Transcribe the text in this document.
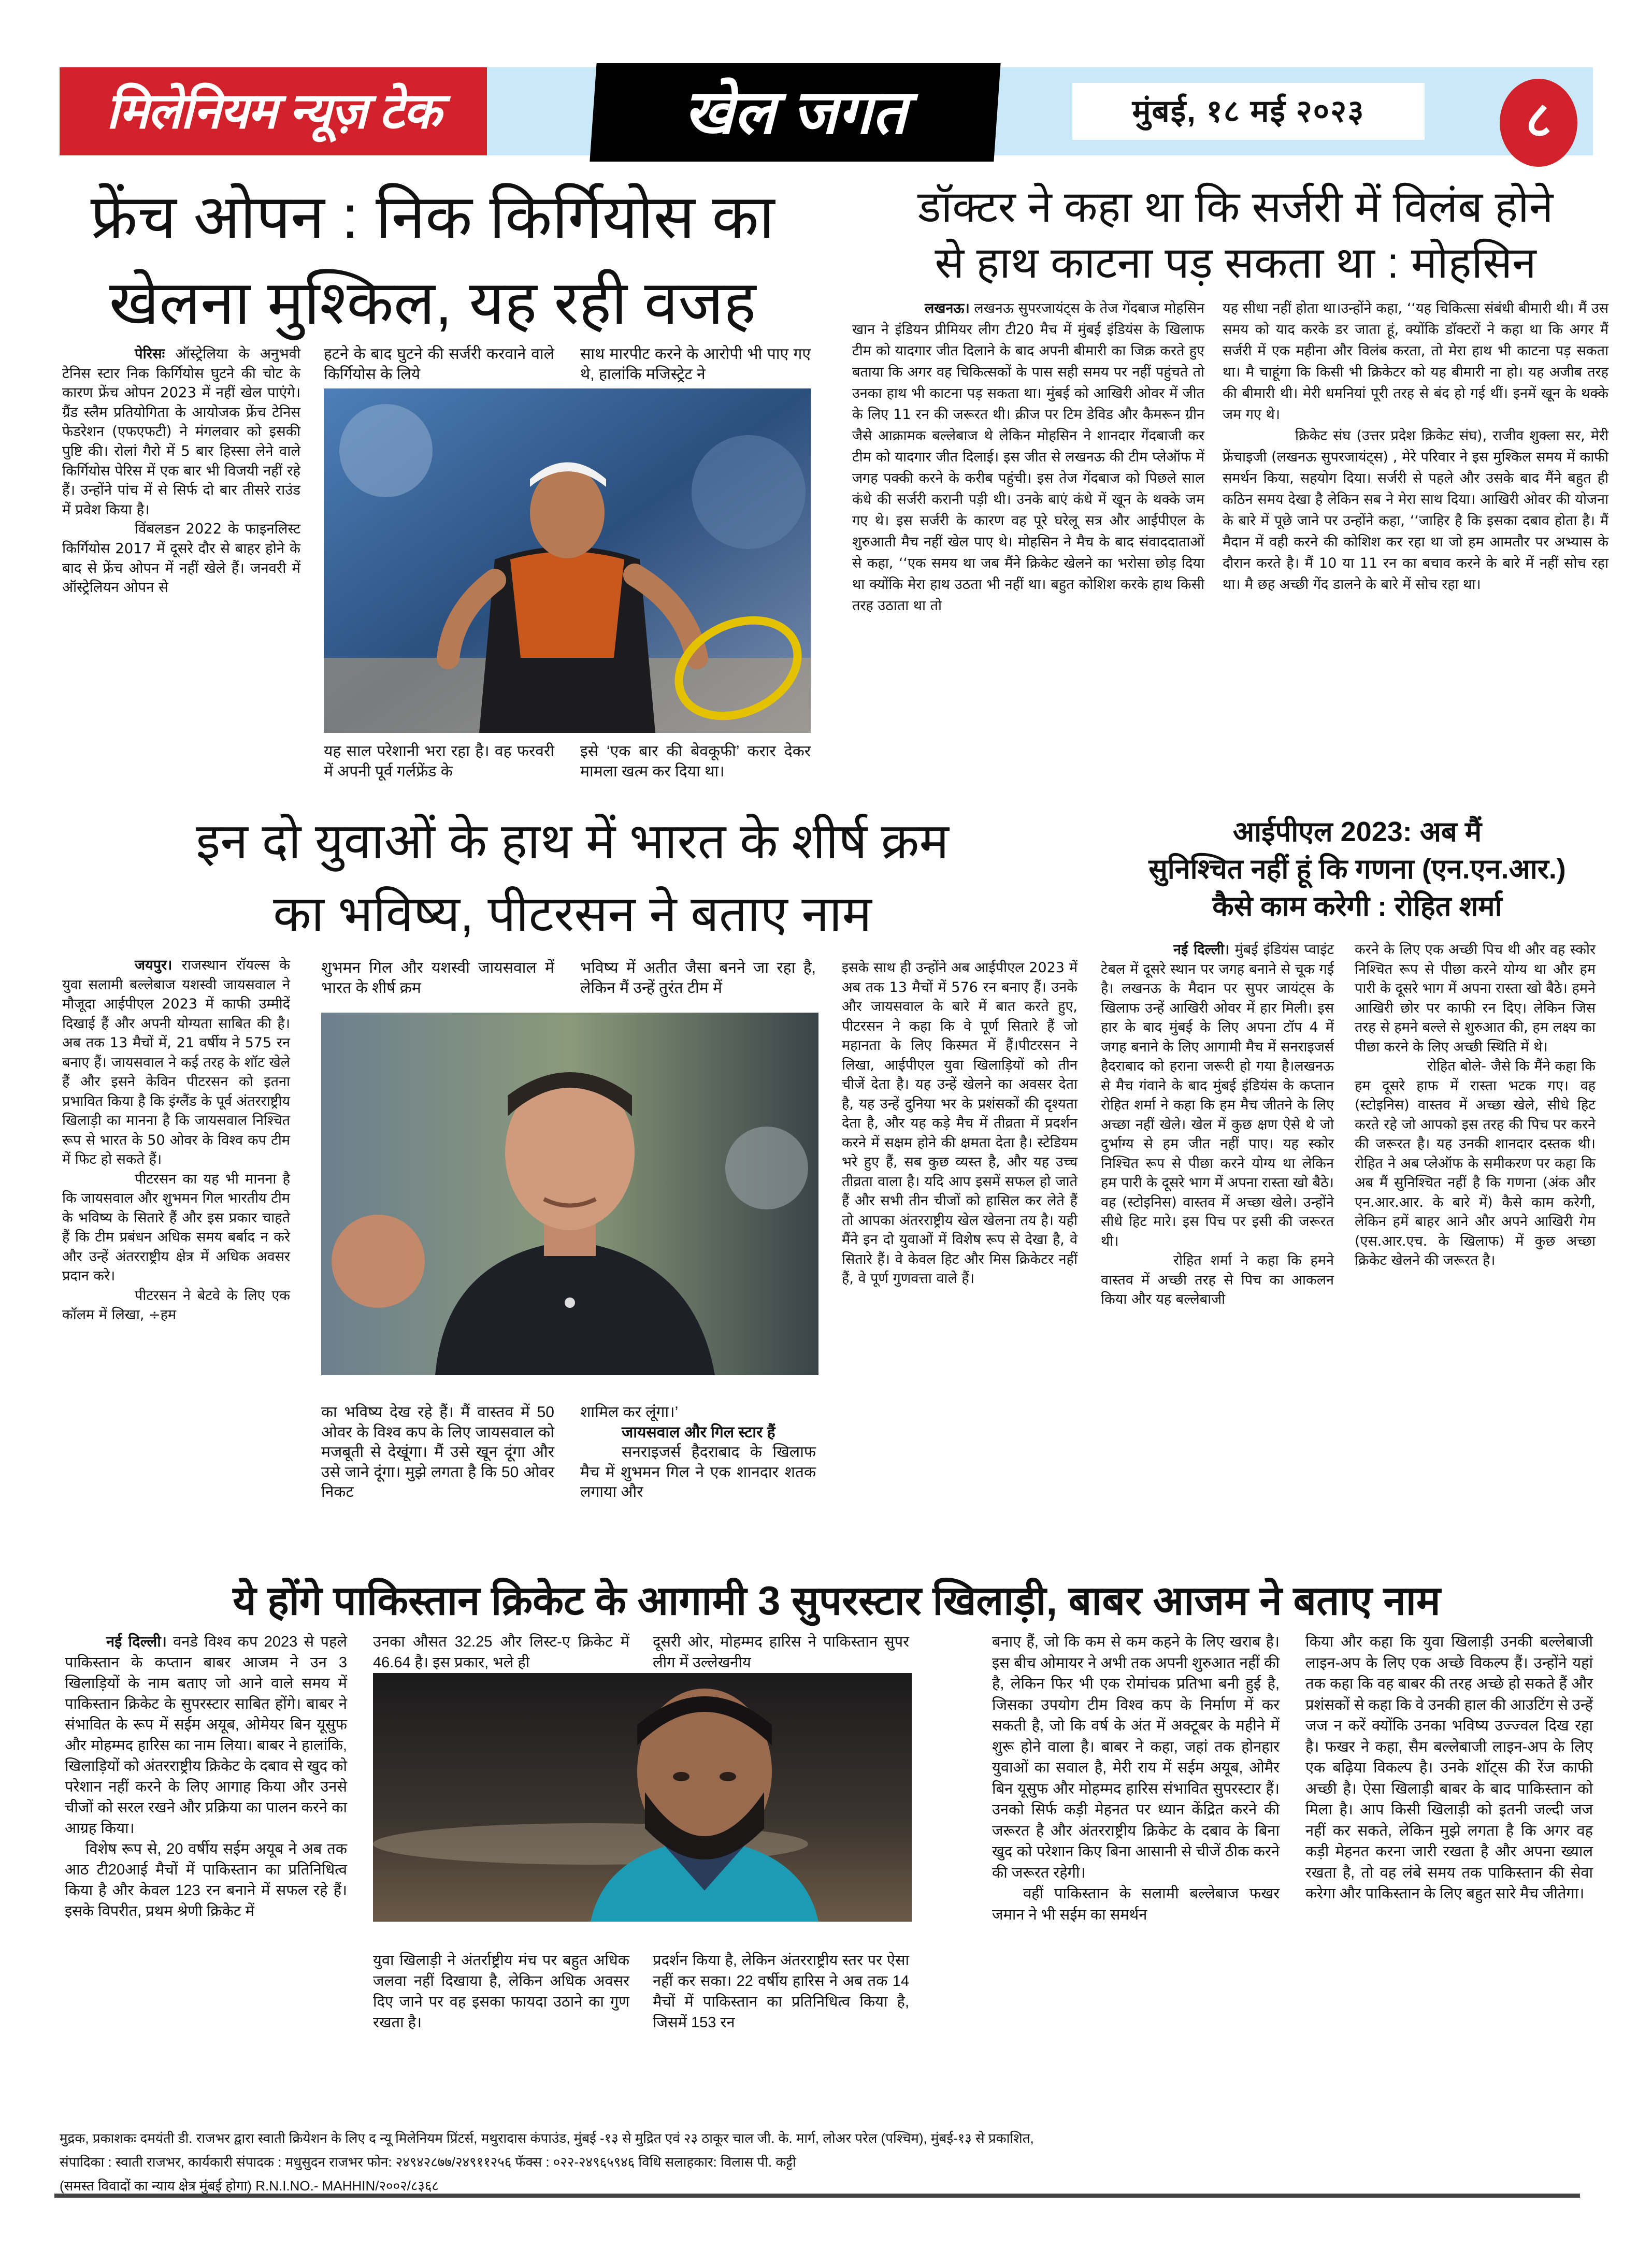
मिलेनियम न्यूज़ टेक	खेल जगत	मुंबई, १८ मई २०२३	८
फ्रेंच ओपन : निक किर्गियोस का
खेलना मुश्किल, यह रही वजह

पेरिसः ऑस्ट्रेलिया के अनुभवी टेनिस स्टार निक किर्गियोस घुटने की चोट के कारण फ्रेंच ओपन 2023 में नहीं खेल पाएंगे। ग्रैंड स्लैम प्रतियोगिता के आयोजक फ्रेंच टेनिस फेडरेशन (एफएफटी) ने मंगलवार को इसकी पुष्टि की। रोलां गैरो में 5 बार हिस्सा लेने वाले किर्गियोस पेरिस में एक बार भी विजयी नहीं रहे हैं। उन्होंने पांच में से सिर्फ दो बार तीसरे राउंड में प्रवेश किया है।

विंबलडन 2022 के फाइनलिस्ट किर्गियोस 2017 में दूसरे दौर से बाहर होने के बाद से फ्रेंच ओपन में नहीं खेले हैं। जनवरी में ऑस्ट्रेलियन ओपन से

हटने के बाद घुटने की सर्जरी करवाने वाले किर्गियोस के लिये
साथ मारपीट करने के आरोपी भी पाए गए थे, हालांकि मजिस्ट्रेट ने
यह साल परेशानी भरा रहा है। वह फरवरी में अपनी पूर्व गर्लफ्रेंड के
इसे ‘एक बार की बेवकूफी’ करार देकर मामला खत्म कर दिया था।
डॉक्टर ने कहा था कि सर्जरी में विलंब होने
से हाथ काटना पड़ सकता था : मोहसिन

लखनऊ। लखनऊ सुपरजायंट्स के तेज गेंदबाज मोहसिन खान ने इंडियन प्रीमियर लीग टी20 मैच में मुंबई इंडियंस के खिलाफ टीम को यादगार जीत दिलाने के बाद अपनी बीमारी का जिक्र करते हुए बताया कि अगर वह चिकित्सकों के पास सही समय पर नहीं पहुंचते तो उनका हाथ भी काटना पड़ सकता था। मुंबई को आखिरी ओवर में जीत के लिए 11 रन की जरूरत थी। क्रीज पर टिम डेविड और कैमरून ग्रीन जैसे आक्रामक बल्लेबाज थे लेकिन मोहसिन ने शानदार गेंदबाजी कर टीम को यादगार जीत दिलाई। इस जीत से लखनऊ की टीम प्लेऑफ में जगह पक्की करने के करीब पहुंची। इस तेज गेंदबाज को पिछले साल कंधे की सर्जरी करानी पड़ी थी। उनके बाएं कंधे में खून के थक्के जम गए थे। इस सर्जरी के कारण वह पूरे घरेलू सत्र और आईपीएल के शुरुआती मैच नहीं खेल पाए थे। मोहसिन ने मैच के बाद संवाददाताओं से कहा, ‘‘एक समय था जब मैंने क्रिकेट खेलने का भरोसा छोड़ दिया था क्योंकि मेरा हाथ उठता भी नहीं था। बहुत कोशिश करके हाथ किसी तरह उठाता था तो

यह सीधा नहीं होता था।उन्होंने कहा, ‘‘यह चिकित्सा संबंधी बीमारी थी। मैं उस समय को याद करके डर जाता हूं, क्योंकि डॉक्टरों ने कहा था कि अगर मैं सर्जरी में एक महीना और विलंब करता, तो मेरा हाथ भी काटना पड़ सकता था। मै चाहूंगा कि किसी भी क्रिकेटर को यह बीमारी ना हो। यह अजीब तरह की बीमारी थी। मेरी धमनियां पूरी तरह से बंद हो गई थीं। इनमें खून के थक्के जम गए थे।

क्रिकेट संघ (उत्तर प्रदेश क्रिकेट संघ), राजीव शुक्ला सर, मेरी फ्रेंचाइजी (लखनऊ सुपरजायंट्स) , मेरे परिवार ने इस मुश्किल समय में काफी समर्थन किया, सहयोग दिया। सर्जरी से पहले और उसके बाद मैंने बहुत ही कठिन समय देखा है लेकिन सब ने मेरा साथ दिया। आखिरी ओवर की योजना के बारे में पूछे जाने पर उन्होंने कहा, ‘‘जाहिर है कि इसका दबाव होता है। मैं मैदान में वही करने की कोशिश कर रहा था जो हम आमतौर पर अभ्यास के दौरान करते है। मैं 10 या 11 रन का बचाव करने के बारे में नहीं सोच रहा था। मै छह अच्छी गेंद डालने के बारे में सोच रहा था।

इन दो युवाओं के हाथ में भारत के शीर्ष क्रम
का भविष्य, पीटरसन ने बताए नाम

जयपुर। राजस्थान रॉयल्स के युवा सलामी बल्लेबाज यशस्वी जायसवाल ने मौजूदा आईपीएल 2023 में काफी उम्मीदें दिखाई हैं और अपनी योग्यता साबित की है। अब तक 13 मैचों में, 21 वर्षीय ने 575 रन बनाए हैं। जायसवाल ने कई तरह के शॉट खेले हैं और इसने केविन पीटरसन को इतना प्रभावित किया है कि इंग्लैंड के पूर्व अंतरराष्ट्रीय खिलाड़ी का मानना है कि जायसवाल निश्चित रूप से भारत के 50 ओवर के विश्व कप टीम में फिट हो सकते हैं।

पीटरसन का यह भी मानना है कि जायसवाल और शुभमन गिल भारतीय टीम के भविष्य के सितारे हैं और इस प्रकार चाहते हैं कि टीम प्रबंधन अधिक समय बर्बाद न करे और उन्हें अंतरराष्ट्रीय क्षेत्र में अधिक अवसर प्रदान करे।

पीटरसन ने बेटवे के लिए एक कॉलम में लिखा, ÷हम

शुभमन गिल और यशस्वी जायसवाल में भारत के शीर्ष क्रम
भविष्य में अतीत जैसा बनने जा रहा है, लेकिन मैं उन्हें तुरंत टीम में
का भविष्य देख रहे हैं। मैं वास्तव में 50 ओवर के विश्व कप के लिए जायसवाल को मजबूती से देखूंगा। मैं उसे खून दूंगा और उसे जाने दूंगा। मुझे लगता है कि 50 ओवर निकट

शामिल कर लूंगा।’

जायसवाल और गिल स्टार हैं

सनराइजर्स हैदराबाद के खिलाफ मैच में शुभमन गिल ने एक शानदार शतक लगाया और

इसके साथ ही उन्होंने अब आईपीएल 2023 में अब तक 13 मैचों में 576 रन बनाए हैं। उनके और जायसवाल के बारे में बात करते हुए, पीटरसन ने कहा कि वे पूर्ण सितारे हैं जो महानता के लिए किस्मत में हैं।पीटरसन ने लिखा, आईपीएल युवा खिलाड़ियों को तीन चीजें देता है। यह उन्हें खेलने का अवसर देता है, यह उन्हें दुनिया भर के प्रशंसकों की दृश्यता देता है, और यह कड़े मैच में तीव्रता में प्रदर्शन करने में सक्षम होने की क्षमता देता है। स्टेडियम भरे हुए हैं, सब कुछ व्यस्त है, और यह उच्च तीव्रता वाला है। यदि आप इसमें सफल हो जाते हैं और सभी तीन चीजों को हासिल कर लेते हैं तो आपका अंतरराष्ट्रीय खेल खेलना तय है। यही मैंने इन दो युवाओं में विशेष रूप से देखा है, वे सितारे हैं। वे केवल हिट और मिस क्रिकेटर नहीं हैं, वे पूर्ण गुणवत्ता वाले हैं।
आईपीएल 2023: अब मैं
सुनिश्चित नहीं हूं कि गणना (एन.एन.आर.)
कैसे काम करेगी : रोहित शर्मा

नई दिल्ली। मुंबई इंडियंस प्वाइंट टेबल में दूसरे स्थान पर जगह बनाने से चूक गई है। लखनऊ के मैदान पर सुपर जायंट्स के खिलाफ उन्हें आखिरी ओवर में हार मिली। इस हार के बाद मुंबई के लिए अपना टॉप 4 में जगह बनाने के लिए आगामी मैच में सनराइजर्स हैदराबाद को हराना जरूरी हो गया है।लखनऊ से मैच गंवाने के बाद मुंबई इंडियंस के कप्तान रोहित शर्मा ने कहा कि हम मैच जीतने के लिए अच्छा नहीं खेले। खेल में कुछ क्षण ऐसे थे जो दुर्भाग्य से हम जीत नहीं पाए। यह स्कोर निश्चित रूप से पीछा करने योग्य था लेकिन हम पारी के दूसरे भाग में अपना रास्ता खो बैठे। वह (स्टोइनिस) वास्तव में अच्छा खेले। उन्होंने सीधे हिट मारे। इस पिच पर इसी की जरूरत थी।

रोहित शर्मा ने कहा कि हमने वास्तव में अच्छी तरह से पिच का आकलन किया और यह बल्लेबाजी

करने के लिए एक अच्छी पिच थी और वह स्कोर निश्चित रूप से पीछा करने योग्य था और हम पारी के दूसरे भाग में अपना रास्ता खो बैठे। हमने आखिरी छोर पर काफी रन दिए। लेकिन जिस तरह से हमने बल्ले से शुरुआत की, हम लक्ष्य का पीछा करने के लिए अच्छी स्थिति में थे।

रोहित बोले- जैसे कि मैंने कहा कि हम दूसरे हाफ में रास्ता भटक गए। वह (स्टोइनिस) वास्तव में अच्छा खेले, सीधे हिट करते रहे जो आपको इस तरह की पिच पर करने की जरूरत है। यह उनकी शानदार दस्तक थी। रोहित ने अब प्लेऑफ के समीकरण पर कहा कि अब मैं सुनिश्चित नहीं है कि गणना (अंक और एन.आर.आर. के बारे में) कैसे काम करेगी, लेकिन हमें बाहर आने और अपने आखिरी गेम (एस.आर.एच. के खिलाफ) में कुछ अच्छा क्रिकेट खेलने की जरूरत है।

ये होंगे पाकिस्तान क्रिकेट के आगामी 3 सुपरस्टार खिलाड़ी, बाबर आजम ने बताए नाम

नई दिल्ली। वनडे विश्व कप 2023 से पहले पाकिस्तान के कप्तान बाबर आजम ने उन 3 खिलाड़ियों के नाम बताए जो आने वाले समय में पाकिस्तान क्रिकेट के सुपरस्टार साबित होंगे। बाबर ने संभावित के रूप में सईम अयूब, ओमेयर बिन यूसुफ और मोहम्मद हारिस का नाम लिया। बाबर ने हालांकि, खिलाड़ियों को अंतरराष्ट्रीय क्रिकेट के दबाव से खुद को परेशान नहीं करने के लिए आगाह किया और उनसे चीजों को सरल रखने और प्रक्रिया का पालन करने का आग्रह किया।

विशेष रूप से, 20 वर्षीय सईम अयूब ने अब तक आठ टी20आई मैचों में पाकिस्तान का प्रतिनिधित्व किया है और केवल 123 रन बनाने में सफल रहे हैं। इसके विपरीत, प्रथम श्रेणी क्रिकेट में

उनका औसत 32.25 और लिस्ट-ए क्रिकेट में 46.64 है। इस प्रकार, भले ही
दूसरी ओर, मोहम्मद हारिस ने पाकिस्तान सुपर लीग में उल्लेखनीय
युवा खिलाड़ी ने अंतर्राष्ट्रीय मंच पर बहुत अधिक जलवा नहीं दिखाया है, लेकिन अधिक अवसर दिए जाने पर वह इसका फायदा उठाने का गुण रखता है।
प्रदर्शन किया है, लेकिन अंतरराष्ट्रीय स्तर पर ऐसा नहीं कर सका। 22 वर्षीय हारिस ने अब तक 14 मैचों में पाकिस्तान का प्रतिनिधित्व किया है, जिसमें 153 रन

बनाए हैं, जो कि कम से कम कहने के लिए खराब है। इस बीच ओमायर ने अभी तक अपनी शुरुआत नहीं की है, लेकिन फिर भी एक रोमांचक प्रतिभा बनी हुई है, जिसका उपयोग टीम विश्व कप के निर्माण में कर सकती है, जो कि वर्ष के अंत में अक्टूबर के महीने में शुरू होने वाला है। बाबर ने कहा, जहां तक होनहार युवाओं का सवाल है, मेरी राय में सईम अयूब, ओमैर बिन यूसुफ और मोहम्मद हारिस संभावित सुपरस्टार हैं। उनको सिर्फ कड़ी मेहनत पर ध्यान केंद्रित करने की जरूरत है और अंतरराष्ट्रीय क्रिकेट के दबाव के बिना खुद को परेशान किए बिना आसानी से चीजें ठीक करने की जरूरत रहेगी।

वहीं पाकिस्तान के सलामी बल्लेबाज फखर जमान ने भी सईम का समर्थन

किया और कहा कि युवा खिलाड़ी उनकी बल्लेबाजी लाइन-अप के लिए एक अच्छे विकल्प हैं। उन्होंने यहां तक कहा कि वह बाबर की तरह अच्छे हो सकते हैं और प्रशंसकों से कहा कि वे उनकी हाल की आउटिंग से उन्हें जज न करें क्योंकि उनका भविष्य उज्ज्वल दिख रहा है। फखर ने कहा, सैम बल्लेबाजी लाइन-अप के लिए एक बढ़िया विकल्प है। उनके शॉट्स की रेंज काफी अच्छी है। ऐसा खिलाड़ी बाबर के बाद पाकिस्तान को मिला है। आप किसी खिलाड़ी को इतनी जल्दी जज नहीं कर सकते, लेकिन मुझे लगता है कि अगर वह कड़ी मेहनत करना जारी रखता है और अपना ख्याल रखता है, तो वह लंबे समय तक पाकिस्तान की सेवा करेगा और पाकिस्तान के लिए बहुत सारे मैच जीतेगा।
मुद्रक, प्रकाशकः दमयंती डी. राजभर द्वारा स्वाती क्रियेशन के लिए द न्यू मिलेनियम प्रिंटर्स, मथुरादास कंपाउंड, मुंबई -१३ से मुद्रित एवं २३ ठाकूर चाल जी. के. मार्ग, लोअर परेल (पश्चिम), मुंबई-१३ से प्रकाशित,
संपादिका : स्वाती राजभर, कार्यकारी संपादक : मधुसुदन राजभर फोन: २४९४२८७७/२४९११२५६ फॅक्स : ०२२-२४९६५९४६ विधि सलाहकार: विलास पी. कट्टी
(समस्त विवादों का न्याय क्षेत्र मुंबई होगा) R.N.I.NO.- MAHHIN/२००२/८३६८
